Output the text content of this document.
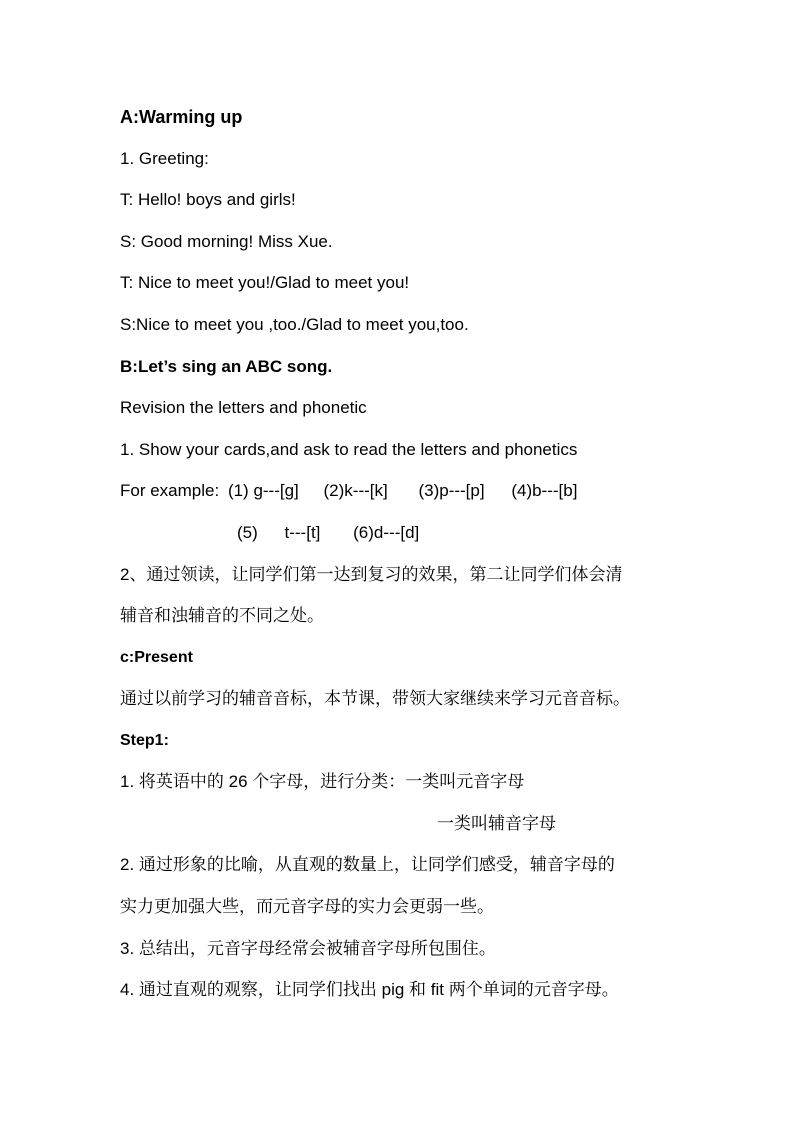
A:Warming up
1. Greeting:
T: Hello! boys and girls!
S: Good morning! Miss Xue.
T: Nice to meet you!/Glad to meet you!
S:Nice to meet you ,too./Glad to meet you,too.
B:Let’s sing an ABC song.
Revision the letters and phonetic
1. Show your cards,and ask to read the letters and phonetics
For example: (1) g---[g] (2)k---[k] (3)p---[p] (4)b---[b]
(5) t---[t] (6)d---[d]
2、通过领读，让同学们第一达到复习的效果，第二让同学们体会清
辅音和浊辅音的不同之处。
c:Present
通过以前学习的辅音音标，本节课，带领大家继续来学习元音音标。
Step1:
1. 将英语中的 26 个字母，进行分类：一类叫元音字母
一类叫辅音字母
2. 通过形象的比喻，从直观的数量上，让同学们感受，辅音字母的
实力更加强大些，而元音字母的实力会更弱一些。
3. 总结出，元音字母经常会被辅音字母所包围住。
4. 通过直观的观察，让同学们找出 pig 和 fit 两个单词的元音字母。
